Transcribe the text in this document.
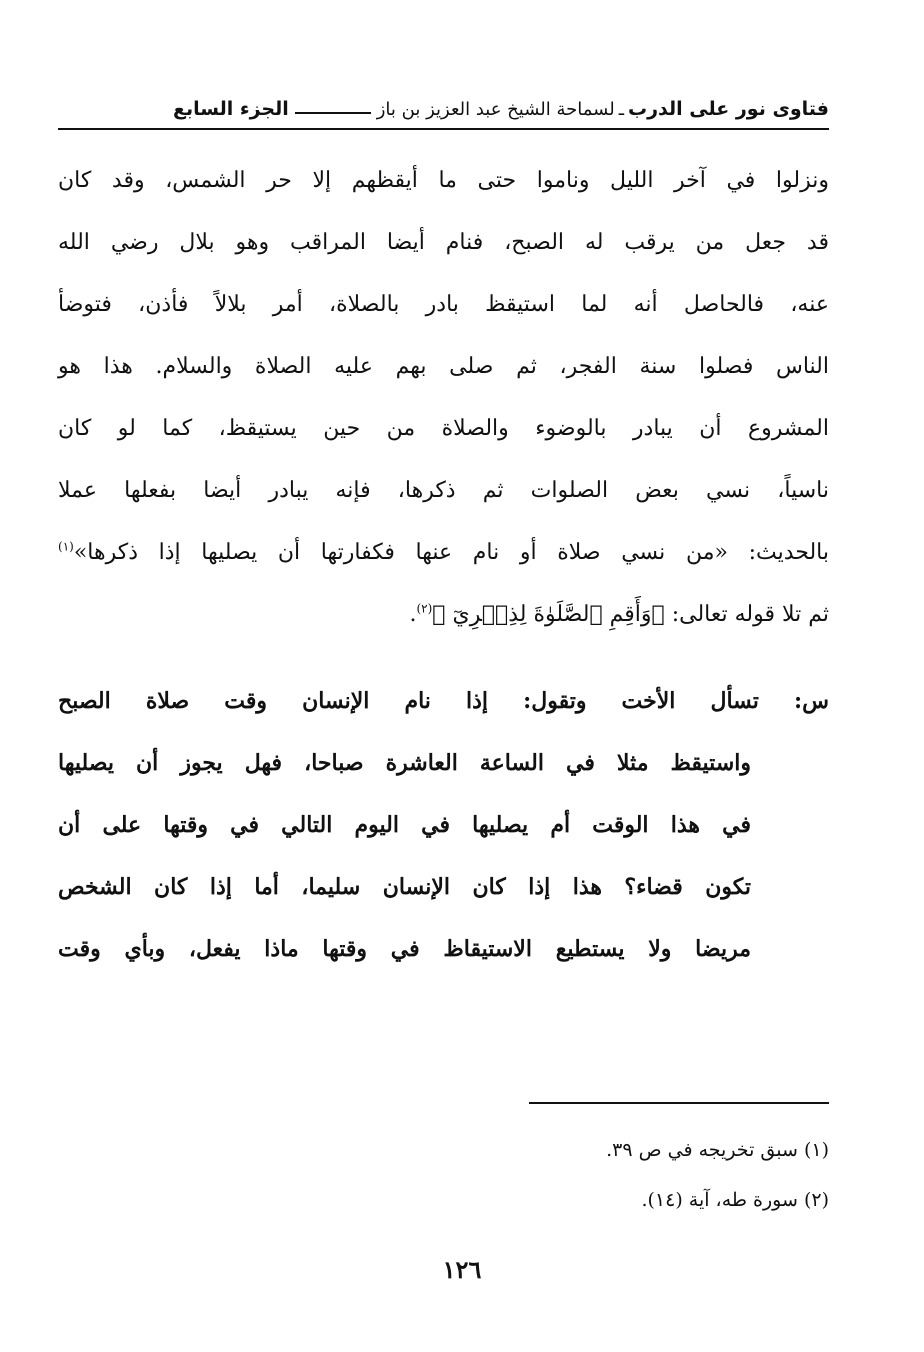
فتاوى نور على الدرب
ـ
لسماحة الشيخ عبد العزيز بن باز
الجزء السابع
ونزلوا في آخر الليل وناموا حتى ما أيقظهم إلا حر الشمس، وقد كان
قد جعل من يرقب له الصبح، فنام أيضا المراقب وهو بلال رضي الله
عنه، فالحاصل أنه لما استيقظ بادر بالصلاة، أمر بلالاً فأذن، فتوضأ
الناس فصلوا سنة الفجر، ثم صلى بهم عليه الصلاة والسلام. هذا هو
المشروع أن يبادر بالوضوء والصلاة من حين يستيقظ، كما لو كان
ناسياً، نسي بعض الصلوات ثم ذكرها، فإنه يبادر أيضا بفعلها عملا
بالحديث: «من نسي صلاة أو نام عنها فكفارتها أن يصليها إذا ذكرها»$^{(١)}$
ثم تلا قوله تعالى: ﴿وَأَقِمِ ٱلصَّلَوٰةَ لِذِكۡرِيٓ ﴾$^{(٢)}$.
س: تسأل الأخت وتقول: إذا نام الإنسان وقت صلاة الصبح
واستيقظ مثلا في الساعة العاشرة صباحا، فهل يجوز أن يصليها
في هذا الوقت أم يصليها في اليوم التالي في وقتها على أن
تكون قضاء؟ هذا إذا كان الإنسان سليما، أما إذا كان الشخص
مريضا ولا يستطيع الاستيقاظ في وقتها ماذا يفعل، وبأي وقت
(١) سبق تخريجه في ص ٣٩.
(٢) سورة طه، آية (١٤).
١٢٦
